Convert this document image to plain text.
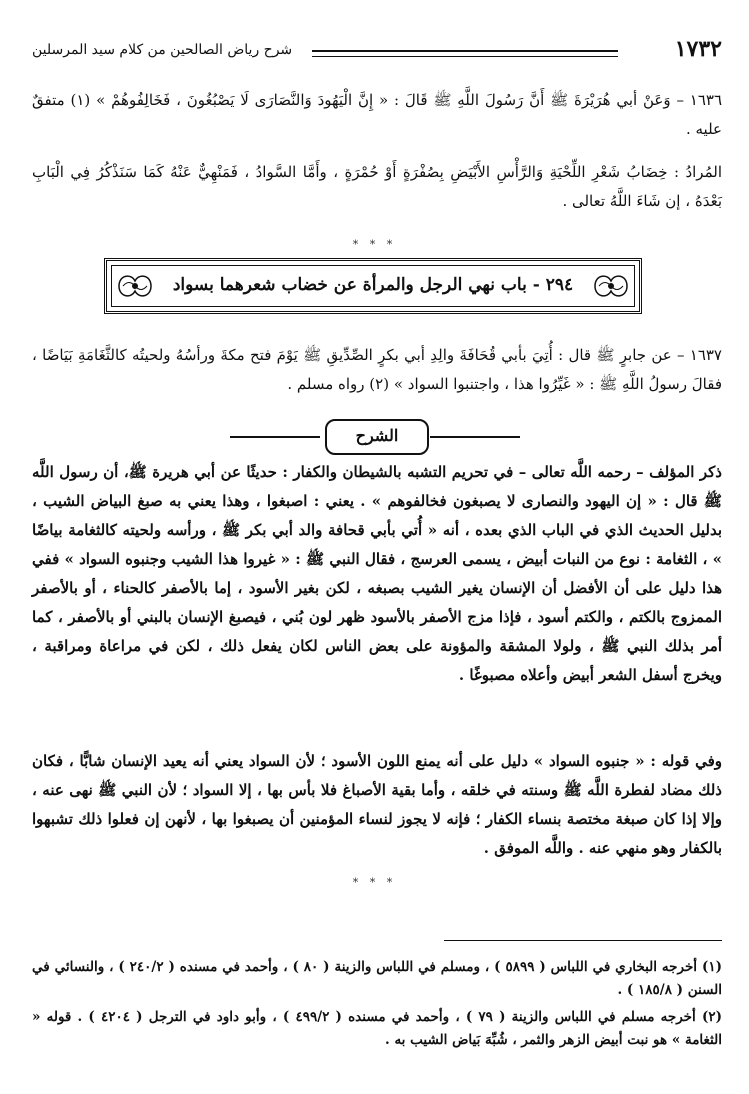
١٧٣٢
شرح رياض الصالحين من كلام سيد المرسلين
١٦٣٦ – وَعَنْ أبي هُرَيْرَةَ ﷺ أَنَّ رَسُولَ اللَّهِ ﷺ قَالَ : « إِنَّ الْيَهُودَ وَالنَّصَارَى لَا يَصْبُغُونَ ، فَخَالِفُوهُمْ » (١) متفقٌ عليه .
المُرادُ : خِضَابُ شَعْرِ اللِّحْيَةِ وَالرَّأْسِ الأَبْيَضِ بِصُفْرَةٍ أَوْ حُمْرَةٍ ، وأَمَّا السَّوادُ ، فَمَنْهِيٌّ عَنْهُ كَمَا سَنَذْكُرُ فِي الْبَابِ بَعْدَهُ ، إن شَاءَ اللَّهُ تعالى .
* * *
٢٩٤ - باب نهي الرجل والمرأة عن خضاب شعرهما بسواد
١٦٣٧ – عن جابرٍ ﷺ قال : أُتِيَ بأبي قُحَافَةَ والِدِ أبي بكرٍ الصِّدِّيقِ ﷺ يَوْمَ فتح مكةَ ورأسُهُ ولحيتُه كالثَّغَامَةِ بَيَاضًا ، فقالَ رسولُ اللَّهِ ﷺ : « غَيِّرُوا هذا ، واجتنبوا السواد » (٢) رواه مسلم .
الشرح
ذكر المؤلف – رحمه اللَّه تعالى – في تحريم التشبه بالشيطان والكفار : حديثًا عن أبي هريرة ﷺ، أن رسول اللَّه ﷺ قال : « إن اليهود والنصارى لا يصبغون فخالفوهم » . يعني : اصبغوا ، وهذا يعني به صبغ البياض الشيب ، بدليل الحديث الذي في الباب الذي بعده ، أنه « أُتي بأبي قحافة والد أبي بكر ﷺ ، ورأسه ولحيته كالثغامة بياضًا » ، الثغامة : نوع من النبات أبيض ، يسمى العرسج ، فقال النبي ﷺ : « غيروا هذا الشيب وجنبوه السواد » ففي هذا دليل على أن الأفضل أن الإنسان يغير الشيب بصبغه ، لكن بغير الأسود ، إما بالأصفر كالحناء ، أو بالأصفر الممزوج بالكتم ، والكتم أسود ، فإذا مزج الأصفر بالأسود ظهر لون بُني ، فيصبغ الإنسان بالبني أو بالأصفر ، كما أمر بذلك النبي ﷺ ، ولولا المشقة والمؤونة على بعض الناس لكان يفعل ذلك ، لكن في مراعاة ومراقبة ، ويخرج أسفل الشعر أبيض وأعلاه مصبوغًا .
وفي قوله : « جنبوه السواد » دليل على أنه يمنع اللون الأسود ؛ لأن السواد يعني أنه يعيد الإنسان شابًّا ، فكان ذلك مضاد لفطرة اللَّه ﷺ وسنته في خلقه ، وأما بقية الأصباغ فلا بأس بها ، إلا السواد ؛ لأن النبي ﷺ نهى عنه ، وإلا إذا كان صبغة مختصة بنساء الكفار ؛ فإنه لا يجوز لنساء المؤمنين أن يصبغوا بها ، لأنهن إن فعلوا ذلك تشبهوا بالكفار وهو منهي عنه . واللَّه الموفق .
* * *
(١) أخرجه البخاري في اللباس ( ٥٨٩٩ ) ، ومسلم في اللباس والزينة ( ٨٠ ) ، وأحمد في مسنده ( ٢٤٠/٢ ) ، والنسائي في السنن ( ١٨٥/٨ ) .
(٢) أخرجه مسلم في اللباس والزينة ( ٧٩ ) ، وأحمد في مسنده ( ٤٩٩/٢ ) ، وأبو داود في الترجل ( ٤٢٠٤ ) . قوله « الثغامة » هو نبت أبيض الزهر والثمر ، شُبِّهَ بَياض الشيب به .
